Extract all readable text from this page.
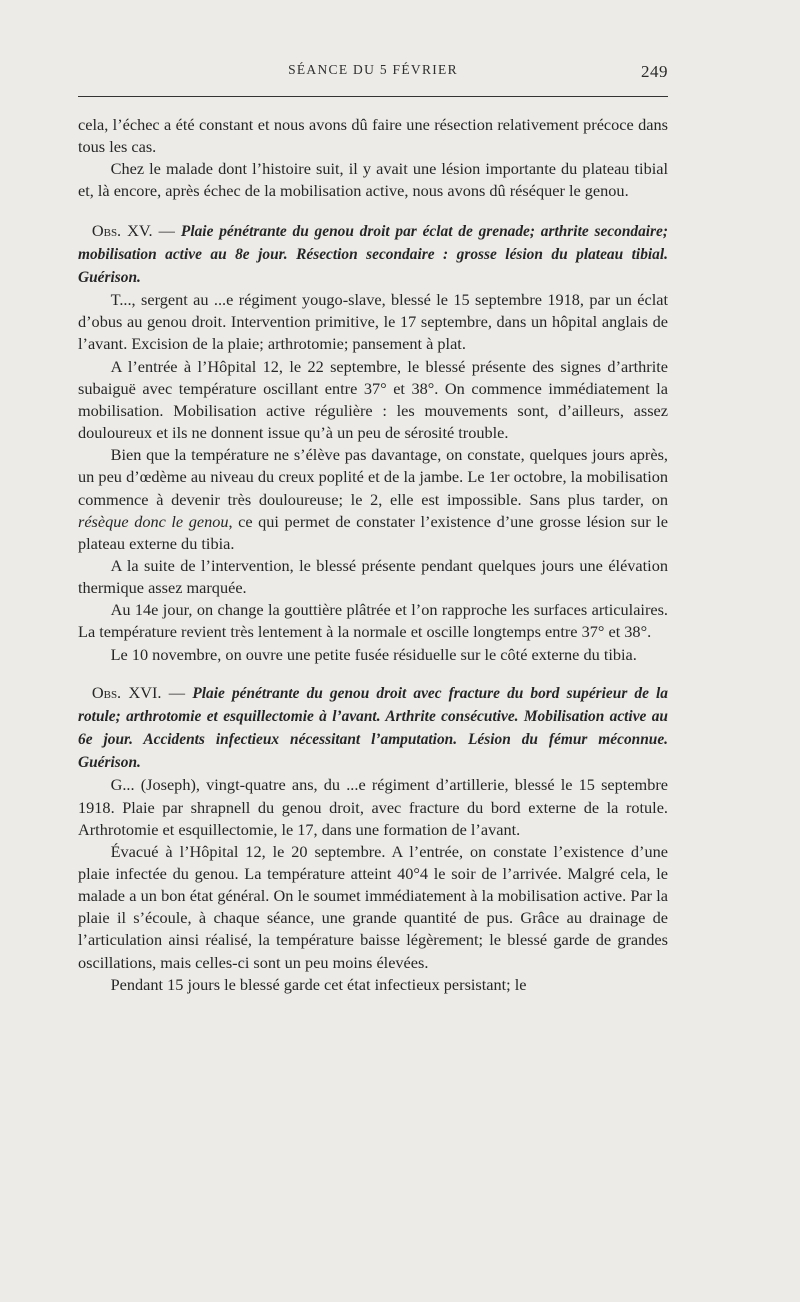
SÉANCE DU 5 FÉVRIER	249

cela, l’échec a été constant et nous avons dû faire une résection relativement précoce dans tous les cas.

Chez le malade dont l’histoire suit, il y avait une lésion importante du plateau tibial et, là encore, après échec de la mobilisation active, nous avons dû réséquer le genou.

Obs. XV. — Plaie pénétrante du genou droit par éclat de grenade; arthrite secondaire; mobilisation active au 8e jour. Résection secondaire : grosse lésion du plateau tibial. Guérison.

T..., sergent au ...e régiment yougo-slave, blessé le 15 septembre 1918, par un éclat d’obus au genou droit. Intervention primitive, le 17 septembre, dans un hôpital anglais de l’avant. Excision de la plaie; arthrotomie; pansement à plat.

A l’entrée à l’Hôpital 12, le 22 septembre, le blessé présente des signes d’arthrite subaiguë avec température oscillant entre 37° et 38°. On commence immédiatement la mobilisation. Mobilisation active régulière : les mouvements sont, d’ailleurs, assez douloureux et ils ne donnent issue qu’à un peu de sérosité trouble.

Bien que la température ne s’élève pas davantage, on constate, quelques jours après, un peu d’œdème au niveau du creux poplité et de la jambe. Le 1er octobre, la mobilisation commence à devenir très douloureuse; le 2, elle est impossible. Sans plus tarder, on résèque donc le genou, ce qui permet de constater l’existence d’une grosse lésion sur le plateau externe du tibia.

A la suite de l’intervention, le blessé présente pendant quelques jours une élévation thermique assez marquée.

Au 14e jour, on change la gouttière plâtrée et l’on rapproche les surfaces articulaires. La température revient très lentement à la normale et oscille longtemps entre 37° et 38°.

Le 10 novembre, on ouvre une petite fusée résiduelle sur le côté externe du tibia.

Obs. XVI. — Plaie pénétrante du genou droit avec fracture du bord supérieur de la rotule; arthrotomie et esquillectomie à l’avant. Arthrite consécutive. Mobilisation active au 6e jour. Accidents infectieux nécessitant l’amputation. Lésion du fémur méconnue. Guérison.

G... (Joseph), vingt-quatre ans, du ...e régiment d’artillerie, blessé le 15 septembre 1918. Plaie par shrapnell du genou droit, avec fracture du bord externe de la rotule. Arthrotomie et esquillectomie, le 17, dans une formation de l’avant.

Évacué à l’Hôpital 12, le 20 septembre. A l’entrée, on constate l’existence d’une plaie infectée du genou. La température atteint 40°4 le soir de l’arrivée. Malgré cela, le malade a un bon état général. On le soumet immédiatement à la mobilisation active. Par la plaie il s’écoule, à chaque séance, une grande quantité de pus. Grâce au drainage de l’articulation ainsi réalisé, la température baisse légèrement; le blessé garde de grandes oscillations, mais celles-ci sont un peu moins élevées.

Pendant 15 jours le blessé garde cet état infectieux persistant; le
